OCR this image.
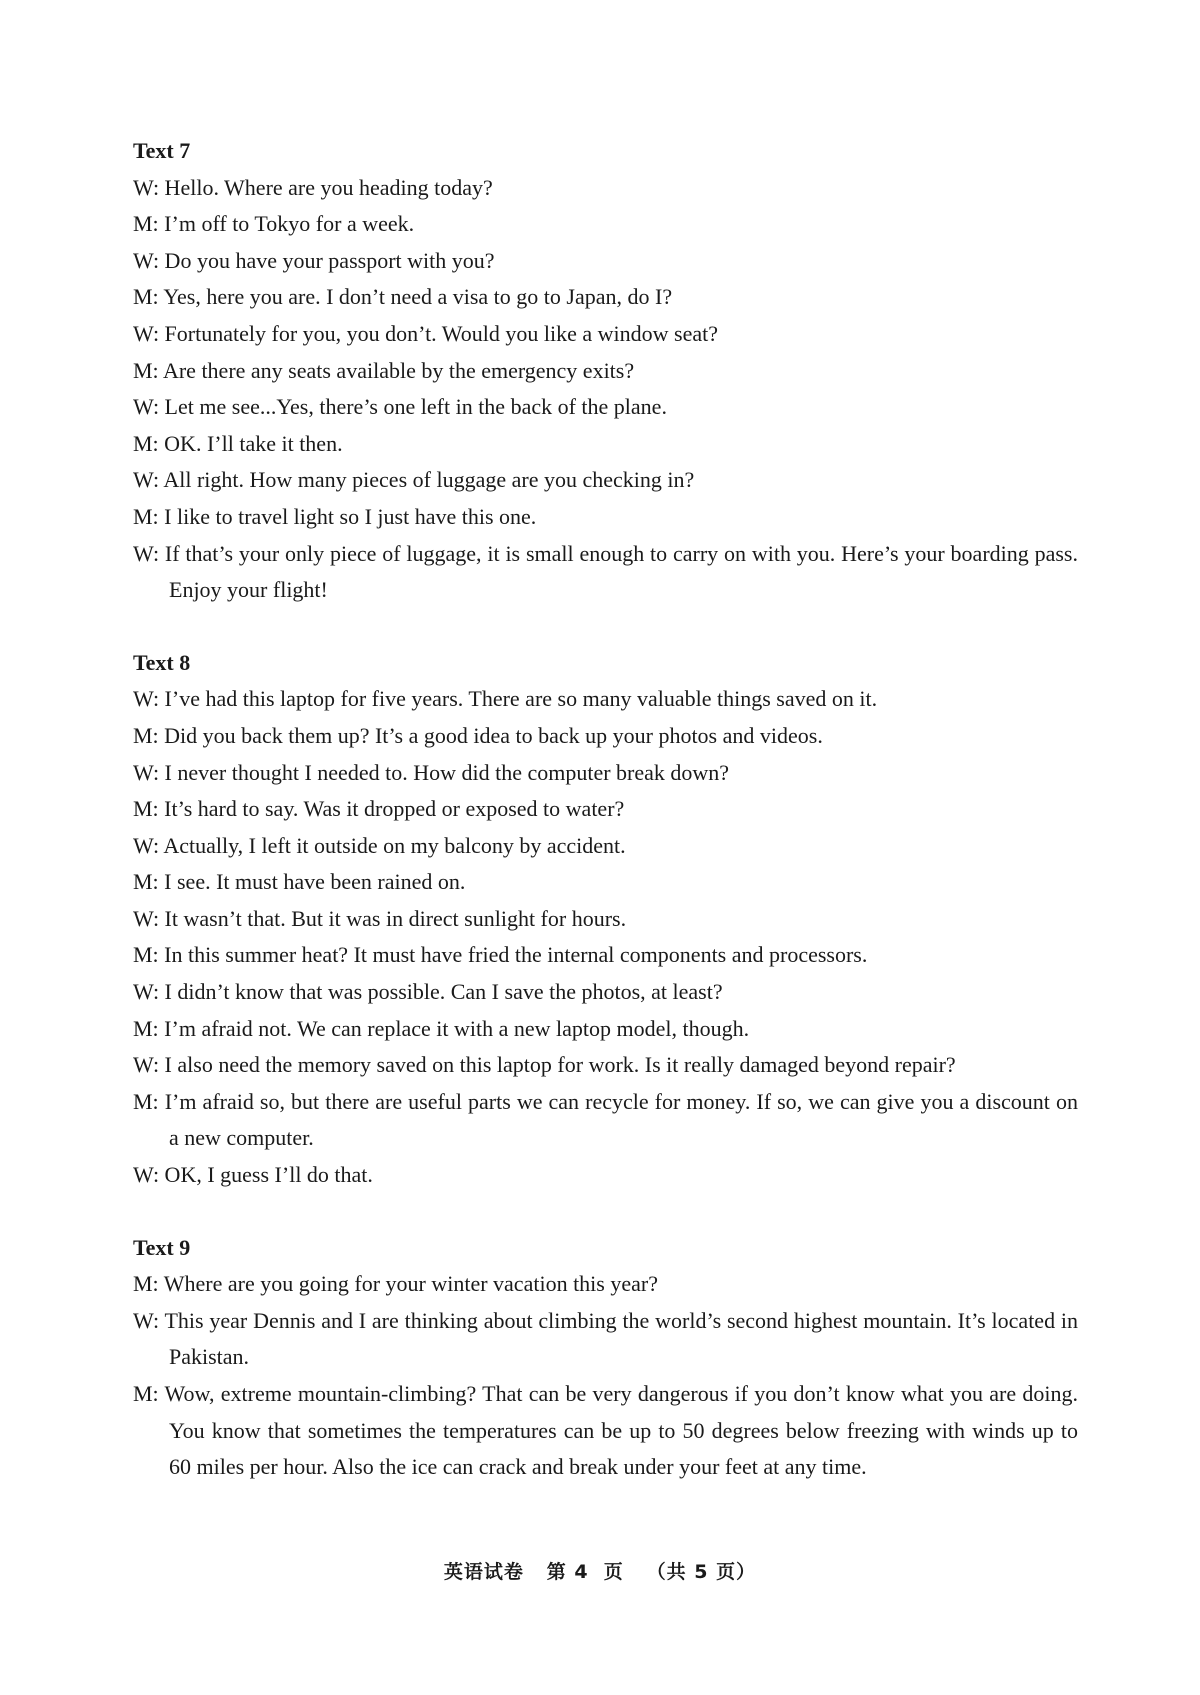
Text 7

W: Hello. Where are you heading today?

M: I’m off to Tokyo for a week.

W: Do you have your passport with you?

M: Yes, here you are. I don’t need a visa to go to Japan, do I?

W: Fortunately for you, you don’t. Would you like a window seat?

M: Are there any seats available by the emergency exits?

W: Let me see...Yes, there’s one left in the back of the plane.

M: OK. I’ll take it then.

W: All right. How many pieces of luggage are you checking in?

M: I like to travel light so I just have this one.

W: If that’s your only piece of luggage, it is small enough to carry on with you. Here’s your boarding pass. Enjoy your flight!

Text 8

W: I’ve had this laptop for five years. There are so many valuable things saved on it.

M: Did you back them up? It’s a good idea to back up your photos and videos.

W: I never thought I needed to. How did the computer break down?

M: It’s hard to say. Was it dropped or exposed to water?

W: Actually, I left it outside on my balcony by accident.

M: I see. It must have been rained on.

W: It wasn’t that. But it was in direct sunlight for hours.

M: In this summer heat? It must have fried the internal components and processors.

W: I didn’t know that was possible. Can I save the photos, at least?

M: I’m afraid not. We can replace it with a new laptop model, though.

W: I also need the memory saved on this laptop for work. Is it really damaged beyond repair?

M: I’m afraid so, but there are useful parts we can recycle for money. If so, we can give you a discount on a new computer.

W: OK, I guess I’ll do that.

Text 9

M: Where are you going for your winter vacation this year?

W: This year Dennis and I are thinking about climbing the world’s second highest mountain. It’s located in Pakistan.

M: Wow, extreme mountain-climbing? That can be very dangerous if you don’t know what you are doing. You know that sometimes the temperatures can be up to 50 degrees below freezing with winds up to 60 miles per hour. Also the ice can crack and break under your feet at any time.

英语试卷   第 4  页   （共 5 页）
